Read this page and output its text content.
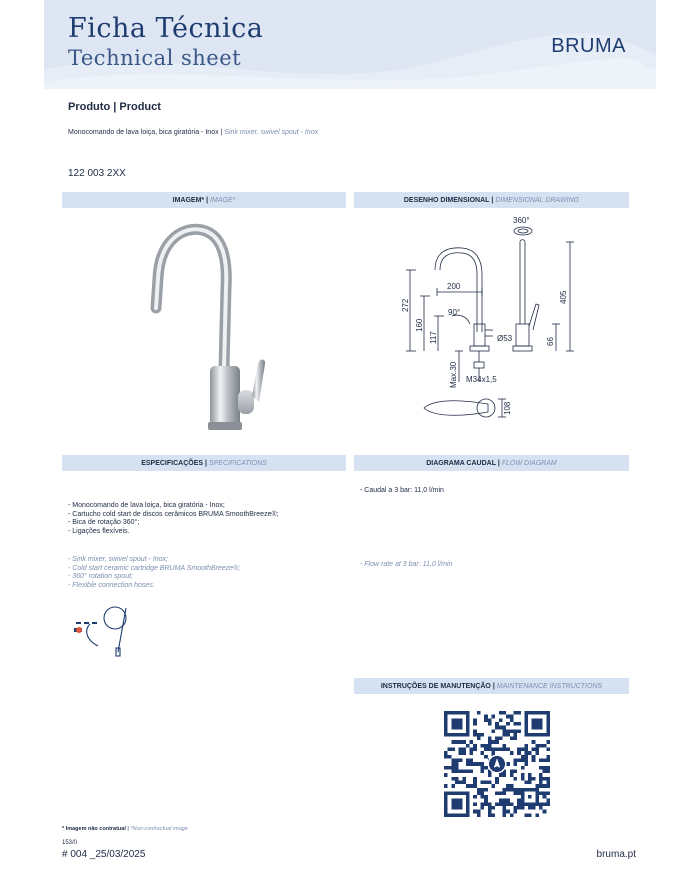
Ficha Técnica
Technical sheet	BRUMA
Produto | Product
Monocomando de lava loiça, bica giratória - Inox | Sink mixer, swivel spout - Inox
122 003 2XX
IMAGEM* | IMAGE*	DESENHO DIMENSIONAL | DIMENSIONAL DRAWING
ESPECIFICAÇÕES | SPECIFICATIONS	DIAGRAMA CAUDAL | FLOW DIAGRAM
INSTRUÇÕES DE MANUTENÇÃO | MAINTENANCE INSTRUCTIONS
360°
200
272
160
117
90°
405
Ø53	66
Max.30 M34x1,5
108
- Monocomando de lava loiça, bica giratória - Inox;
- Cartucho cold start de discos cerâmicos BRUMA SmoothBreeze®;
- Bica de rotação 360°;
- Ligações flexíveis.
- Sink mixer, swivel spout - Inox;
- Cold start ceramic cartridge BRUMA SmoothBreeze®;
- 360° rotation spout;
- Flexible connection hoses.
- Caudal a 3 bar: 11,0 l/min
- Flow rate at 3 bar: 11,0 l/min
* Imagem não contratual | *Non-contractual image
153/0
# 004 _25/03/2025	bruma.pt
